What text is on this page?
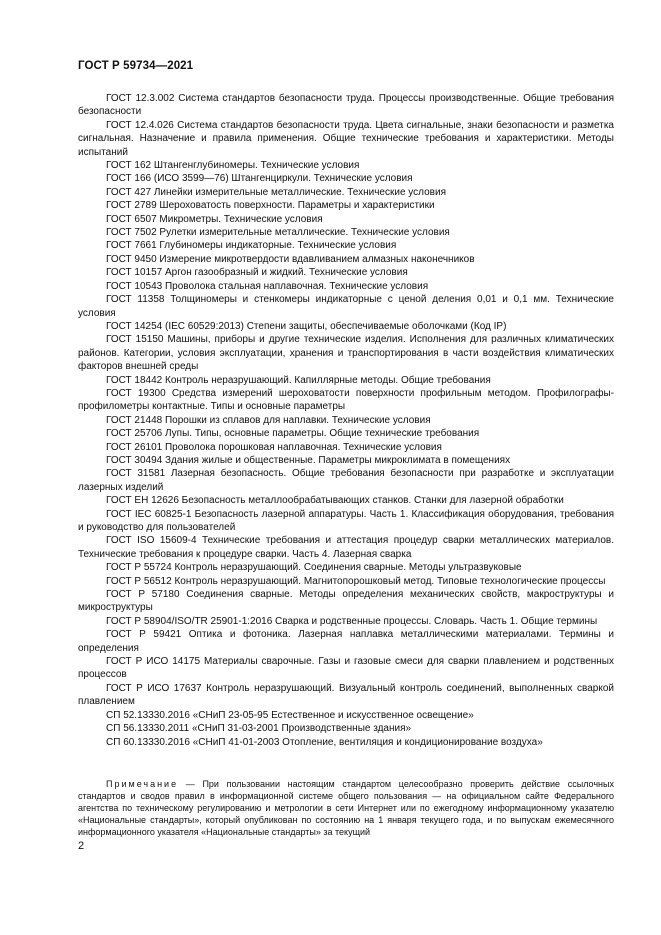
ГОСТ Р 59734—2021

ГОСТ 12.3.002 Система стандартов безопасности труда. Процессы производственные. Общие требования безопасности

ГОСТ 12.4.026 Система стандартов безопасности труда. Цвета сигнальные, знаки безопасности и разметка сигнальная. Назначение и правила применения. Общие технические требования и характеристики. Методы испытаний

ГОСТ 162 Штангенглубиномеры. Технические условия

ГОСТ 166 (ИСО 3599—76) Штангенциркули. Технические условия

ГОСТ 427 Линейки измерительные металлические. Технические условия

ГОСТ 2789 Шероховатость поверхности. Параметры и характеристики

ГОСТ 6507 Микрометры. Технические условия

ГОСТ 7502 Рулетки измерительные металлические. Технические условия

ГОСТ 7661 Глубиномеры индикаторные. Технические условия

ГОСТ 9450 Измерение микротвердости вдавливанием алмазных наконечников

ГОСТ 10157 Аргон газообразный и жидкий. Технические условия

ГОСТ 10543 Проволока стальная наплавочная. Технические условия

ГОСТ 11358 Толщиномеры и стенкомеры индикаторные с ценой деления 0,01 и 0,1 мм. Технические условия

ГОСТ 14254 (IEC 60529:2013) Степени защиты, обеспечиваемые оболочками (Код IP)

ГОСТ 15150 Машины, приборы и другие технические изделия. Исполнения для различных климатических районов. Категории, условия эксплуатации, хранения и транспортирования в части воздействия климатических факторов внешней среды

ГОСТ 18442 Контроль неразрушающий. Капиллярные методы. Общие требования

ГОСТ 19300 Средства измерений шероховатости поверхности профильным методом. Профилографы-профилометры контактные. Типы и основные параметры

ГОСТ 21448 Порошки из сплавов для наплавки. Технические условия

ГОСТ 25706 Лупы. Типы, основные параметры. Общие технические требования

ГОСТ 26101 Проволока порошковая наплавочная. Технические условия

ГОСТ 30494 Здания жилые и общественные. Параметры микроклимата в помещениях

ГОСТ 31581 Лазерная безопасность. Общие требования безопасности при разработке и эксплуатации лазерных изделий

ГОСТ EH 12626 Безопасность металлообрабатывающих станков. Станки для лазерной обработки

ГОСТ IEC 60825-1 Безопасность лазерной аппаратуры. Часть 1. Классификация оборудования, требования и руководство для пользователей

ГОСТ ISO 15609-4 Технические требования и аттестация процедур сварки металлических материалов. Технические требования к процедуре сварки. Часть 4. Лазерная сварка

ГОСТ Р 55724 Контроль неразрушающий. Соединения сварные. Методы ультразвуковые

ГОСТ Р 56512 Контроль неразрушающий. Магнитопорошковый метод. Типовые технологические процессы

ГОСТ Р 57180 Соединения сварные. Методы определения механических свойств, макроструктуры и микроструктуры

ГОСТ Р 58904/ISO/TR 25901-1:2016 Сварка и родственные процессы. Словарь. Часть 1. Общие термины

ГОСТ Р 59421 Оптика и фотоника. Лазерная наплавка металлическими материалами. Термины и определения

ГОСТ Р ИСО 14175 Материалы сварочные. Газы и газовые смеси для сварки плавлением и родственных процессов

ГОСТ Р ИСО 17637 Контроль неразрушающий. Визуальный контроль соединений, выполненных сваркой плавлением

СП 52.13330.2016 «СНиП 23-05-95 Естественное и искусственное освещение»

СП 56.13330.2011 «СНиП 31-03-2001 Производственные здания»

СП 60.13330.2016 «СНиП 41-01-2003 Отопление, вентиляция и кондиционирование воздуха»

Примечание — При пользовании настоящим стандартом целесообразно проверить действие ссылочных стандартов и сводов правил в информационной системе общего пользования — на официальном сайте Федерального агентства по техническому регулированию и метрологии в сети Интернет или по ежегодному информационному указателю «Национальные стандарты», который опубликован по состоянию на 1 января текущего года, и по выпускам ежемесячного информационного указателя «Национальные стандарты» за текущий

2
